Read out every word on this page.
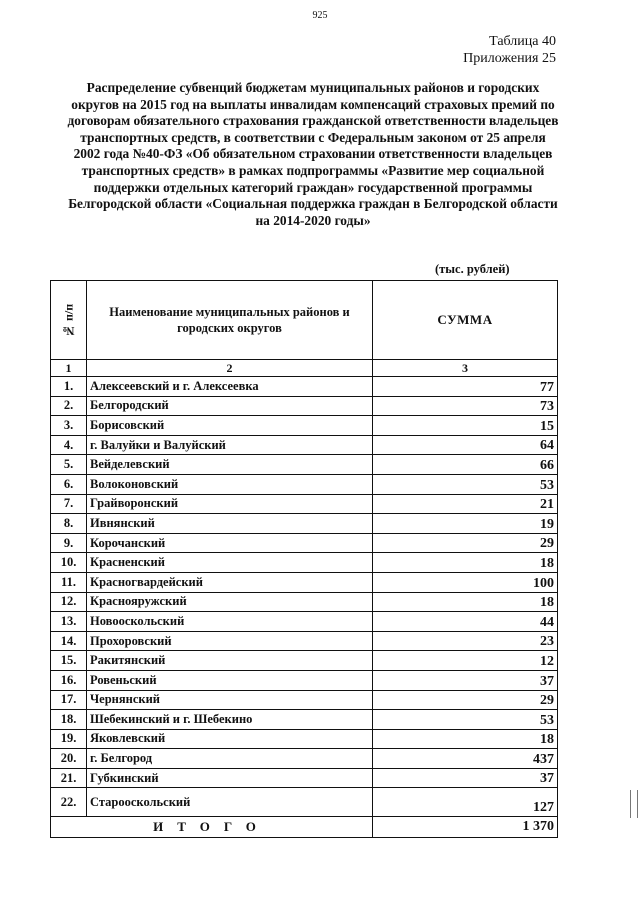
925
Таблица 40
Приложения 25
Распределение субвенций бюджетам муниципальных районов и городских округов на 2015 год на выплаты инвалидам компенсаций страховых премий по договорам обязательного страхования гражданской ответственности владельцев транспортных средств, в соответствии с Федеральным законом от 25 апреля 2002 года №40-ФЗ «Об обязательном страховании ответственности владельцев транспортных средств» в рамках подпрограммы «Развитие мер социальной поддержки отдельных категорий граждан» государственной программы Белгородской области «Социальная поддержка граждан в Белгородской области на 2014-2020 годы»
(тыс. рублей)
№ п/п	Наименование муниципальных районов и городских округов	СУММА
1	2	3
1.	Алексеевский и г. Алексеевка	77
2.	Белгородский	73
3.	Борисовский	15
4.	г. Валуйки и Валуйский	64
5.	Вейделевский	66
6.	Волоконовский	53
7.	Грайворонский	21
8.	Ивнянский	19
9.	Корочанский	29
10.	Красненский	18
11.	Красногвардейский	100
12.	Краснояружский	18
13.	Новооскольский	44
14.	Прохоровский	23
15.	Ракитянский	12
16.	Ровеньский	37
17.	Чернянский	29
18.	Шебекинский и г. Шебекино	53
19.	Яковлевский	18
20.	г. Белгород	437
21.	Губкинский	37
22.	Старооскольский	127
ИТОГО		1 370
